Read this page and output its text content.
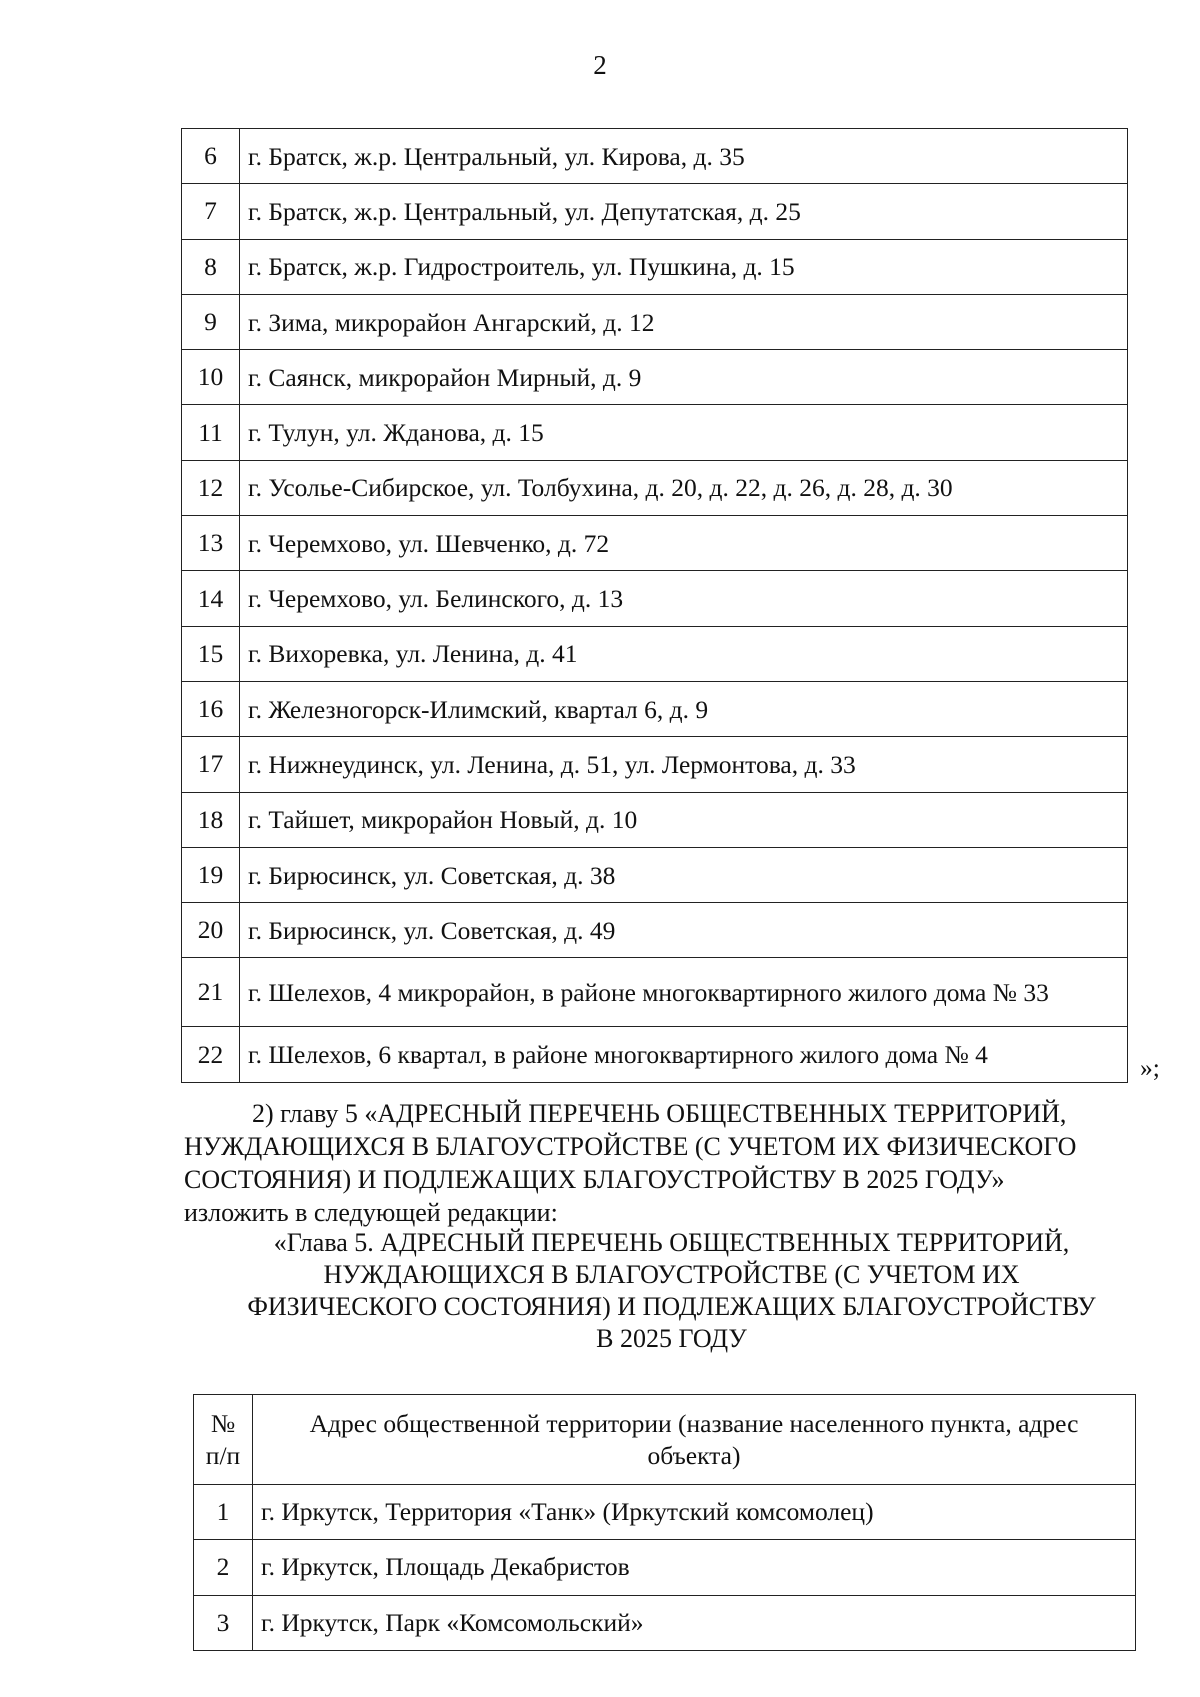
2
6	г. Братск, ж.р. Центральный, ул. Кирова, д. 35
7	г. Братск, ж.р. Центральный, ул. Депутатская, д. 25
8	г. Братск, ж.р. Гидростроитель, ул. Пушкина, д. 15
9	г. Зима, микрорайон Ангарский, д. 12
10	г. Саянск, микрорайон Мирный, д. 9
11	г. Тулун, ул. Жданова, д. 15
12	г. Усолье-Сибирское, ул. Толбухина, д. 20, д. 22, д. 26, д. 28, д. 30
13	г. Черемхово, ул. Шевченко, д. 72
14	г. Черемхово, ул. Белинского, д. 13
15	г. Вихоревка, ул. Ленина, д. 41
16	г. Железногорск-Илимский, квартал 6, д. 9
17	г. Нижнеудинск, ул. Ленина, д. 51, ул. Лермонтова, д. 33
18	г. Тайшет, микрорайон Новый, д. 10
19	г. Бирюсинск, ул. Советская, д. 38
20	г. Бирюсинск, ул. Советская, д. 49
21	г. Шелехов, 4 микрорайон, в районе многоквартирного жилого дома № 33
22	г. Шелехов, 6 квартал, в районе многоквартирного жилого дома № 4	»;
2) главу 5 «АДРЕСНЫЙ ПЕРЕЧЕНЬ ОБЩЕСТВЕННЫХ ТЕРРИТОРИЙ,
НУЖДАЮЩИХСЯ В БЛАГОУСТРОЙСТВЕ (С УЧЕТОМ ИХ ФИЗИЧЕСКОГО
СОСТОЯНИЯ) И ПОДЛЕЖАЩИХ БЛАГОУСТРОЙСТВУ В 2025 ГОДУ»
изложить в следующей редакции:
«Глава 5. АДРЕСНЫЙ ПЕРЕЧЕНЬ ОБЩЕСТВЕННЫХ ТЕРРИТОРИЙ,
НУЖДАЮЩИХСЯ В БЛАГОУСТРОЙСТВЕ (С УЧЕТОМ ИХ
ФИЗИЧЕСКОГО СОСТОЯНИЯ) И ПОДЛЕЖАЩИХ БЛАГОУСТРОЙСТВУ
В 2025 ГОДУ
№
п/п	Адрес общественной территории (название населенного пункта, адрес объекта)
1	г. Иркутск, Территория «Танк» (Иркутский комсомолец)
2	г. Иркутск, Площадь Декабристов
3	г. Иркутск, Парк «Комсомольский»
